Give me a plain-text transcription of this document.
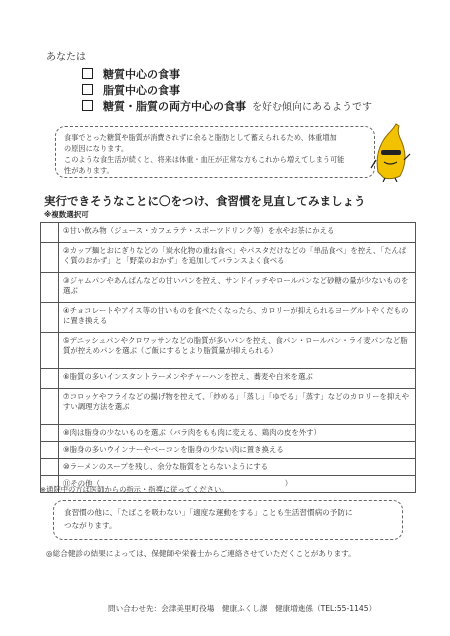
あなたは
糖質中心の食事
脂質中心の食事
糖質・脂質の両方中心の食事 を好む傾向にあるようです
食事でとった糖質や脂質が消費されずに余ると脂肪として蓄えられるため、体重増加
の原因になります。
このような食生活が続くと、将来は体重・血圧が正常な方もこれから増えてしまう可能
性があります。
実行できそうなことに〇をつけ、食習慣を見直してみましょう
※複数選択可
	①甘い飲み物（ジュース・カフェラテ・スポーツドリンク等）を水やお茶にかえる
	②カップ麺とおにぎりなどの「炭水化物の重ね食べ」やパスタだけなどの「単品食べ」を控え、「たんぱく質のおかず」と「野菜のおかず」を追加してバランスよく食べる
	③ジャムパンやあんぱんなどの甘いパンを控え、サンドイッチやロールパンなど砂糖の量が少ないものを選ぶ
	④チョコレートやアイス等の甘いものを食べたくなったら、カロリーが抑えられるヨーグルトやくだものに置き換える
	⑤デニッシュパンやクロワッサンなどの脂質が多いパンを控え、食パン・ロールパン・ライ麦パンなど脂質が控えめパンを選ぶ（ご飯にするとより脂質量が抑えられる）
	⑥脂質の多いインスタントラーメンやチャーハンを控え、蕎麦や白米を選ぶ
	⑦コロッケやフライなどの揚げ物を控えて、「炒める」「蒸し」「ゆでる」「蒸す」などのカロリーを抑えやすい調理方法を選ぶ
	⑧肉は脂身の少ないものを選ぶ（バラ肉をもも肉に変える、鶏肉の皮を外す）
	⑨脂身の多いウインナーやベーコンを脂身の少ない肉に置き換える
	⑩ラーメンのスープを残し、余分な脂質をとらないようにする
	⑪その他（　　　　　　　　　　　　　　　　　　　　　　　　　）
※通院中の方は医師からの指示・指導に従ってください。
食習慣の他に、「たばこを吸わない」「適度な運動をする」ことも生活習慣病の予防に
つながります。
◎総合健診の結果によっては、保健師や栄養士からご連絡させていただくことがあります。
問い合わせ先：会津美里町役場　健康ふくし課　健康増進係（TEL:55-1145）
